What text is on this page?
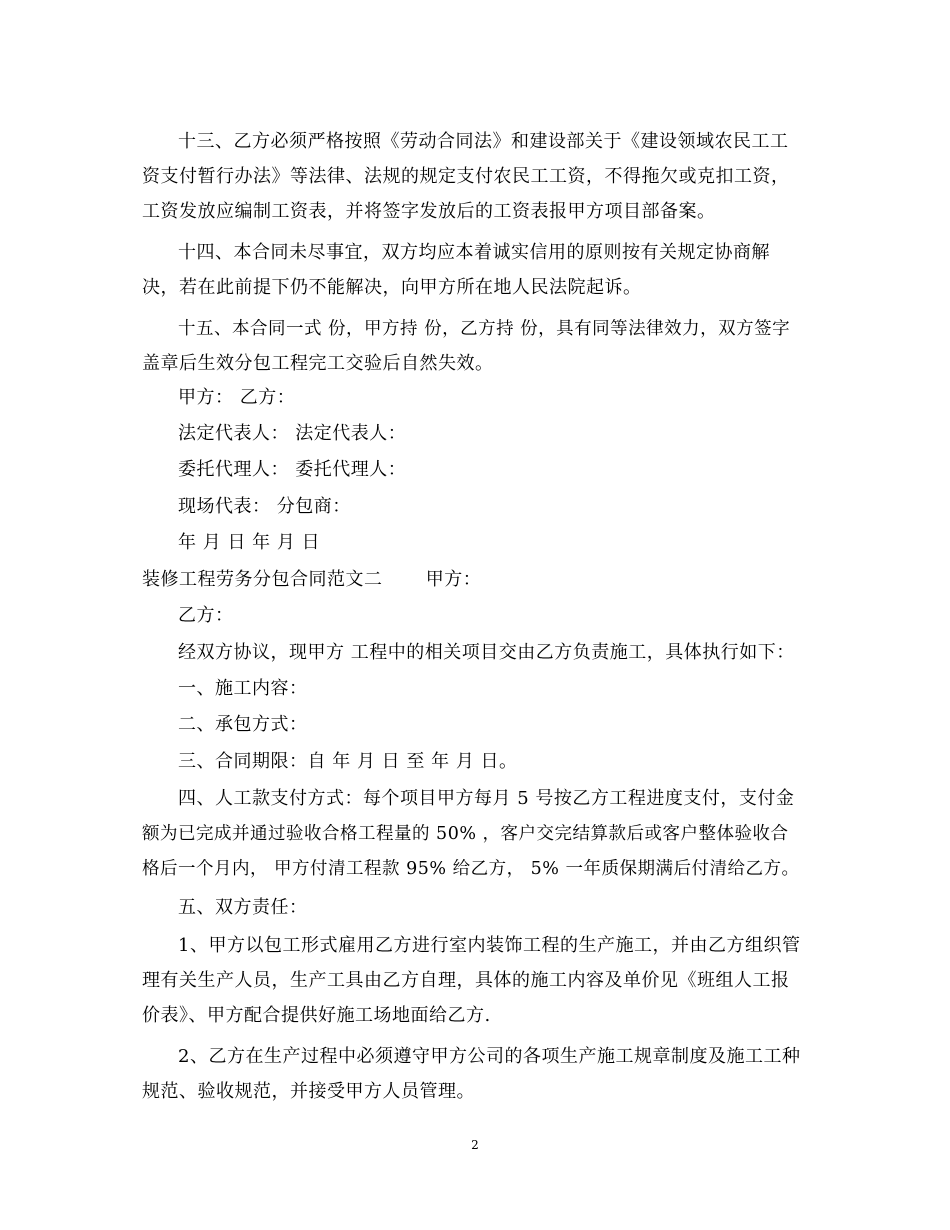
十三、乙方必须严格按照《劳动合同法》和建设部关于《建设领域农民工工
资支付暂行办法》等法律、法规的规定支付农民工工资，不得拖欠或克扣工资，
工资发放应编制工资表，并将签字发放后的工资表报甲方项目部备案。
十四、本合同未尽事宜，双方均应本着诚实信用的原则按有关规定协商解
决，若在此前提下仍不能解决，向甲方所在地人民法院起诉。
十五、本合同一式 份，甲方持 份，乙方持 份，具有同等法律效力，双方签字
盖章后生效分包工程完工交验后自然失效。
甲方： 乙方：
法定代表人： 法定代表人：
委托代理人： 委托代理人：
现场代表： 分包商：
年 月 日 年 月 日
装修工程劳务分包合同范文二　　 甲方：
乙方：
经双方协议，现甲方 工程中的相关项目交由乙方负责施工，具体执行如下：
一、施工内容：
二、承包方式：
三、合同期限：自 年 月 日 至 年 月 日。
四、人工款支付方式：每个项目甲方每月 5 号按乙方工程进度支付，支付金
额为已完成并通过验收合格工程量的 50% ，客户交完结算款后或客户整体验收合
格后一个月内， 甲方付清工程款 95% 给乙方， 5% 一年质保期满后付清给乙方。
五、双方责任：
1、甲方以包工形式雇用乙方进行室内装饰工程的生产施工，并由乙方组织管
理有关生产人员，生产工具由乙方自理，具体的施工内容及单价见《班组人工报
价表》、甲方配合提供好施工场地面给乙方.
2、乙方在生产过程中必须遵守甲方公司的各项生产施工规章制度及施工工种
规范、验收规范，并接受甲方人员管理。
2
